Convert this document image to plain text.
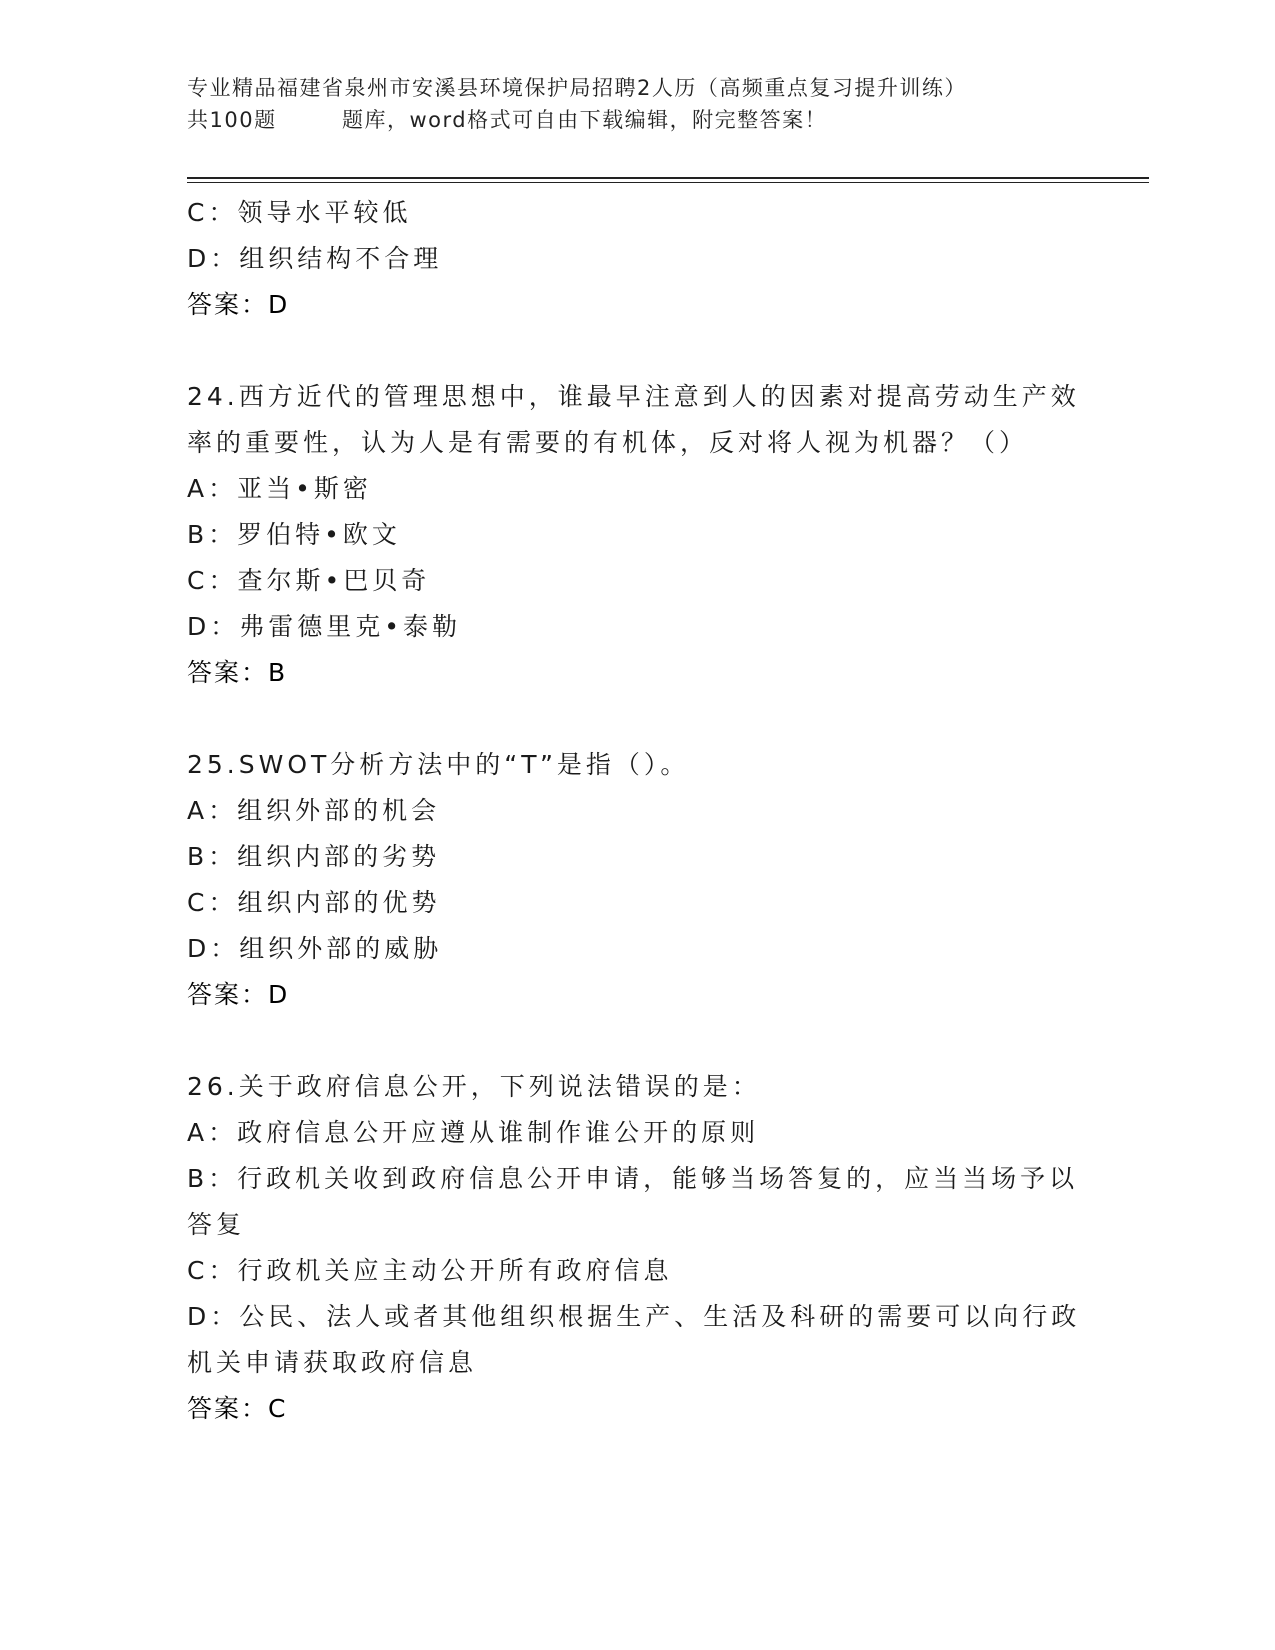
专业精品福建省泉州市安溪县环境保护局招聘2人历（高频重点复习提升训练）
共100题        题库，word格式可自由下载编辑，附完整答案！
C：领导水平较低
D：组织结构不合理
答案：D
24.西方近代的管理思想中，谁最早注意到人的因素对提高劳动生产效
率的重要性，认为人是有需要的有机体，反对将人视为机器？（）
A：亚当•斯密
B：罗伯特•欧文
C：查尔斯•巴贝奇
D：弗雷德里克•泰勒
答案：B
25.SWOT分析方法中的“T”是指（）。
A：组织外部的机会
B：组织内部的劣势
C：组织内部的优势
D：组织外部的威胁
答案：D
26.关于政府信息公开，下列说法错误的是：
A：政府信息公开应遵从谁制作谁公开的原则
B：行政机关收到政府信息公开申请，能够当场答复的，应当当场予以
答复
C：行政机关应主动公开所有政府信息
D：公民、法人或者其他组织根据生产、生活及科研的需要可以向行政
机关申请获取政府信息
答案：C
